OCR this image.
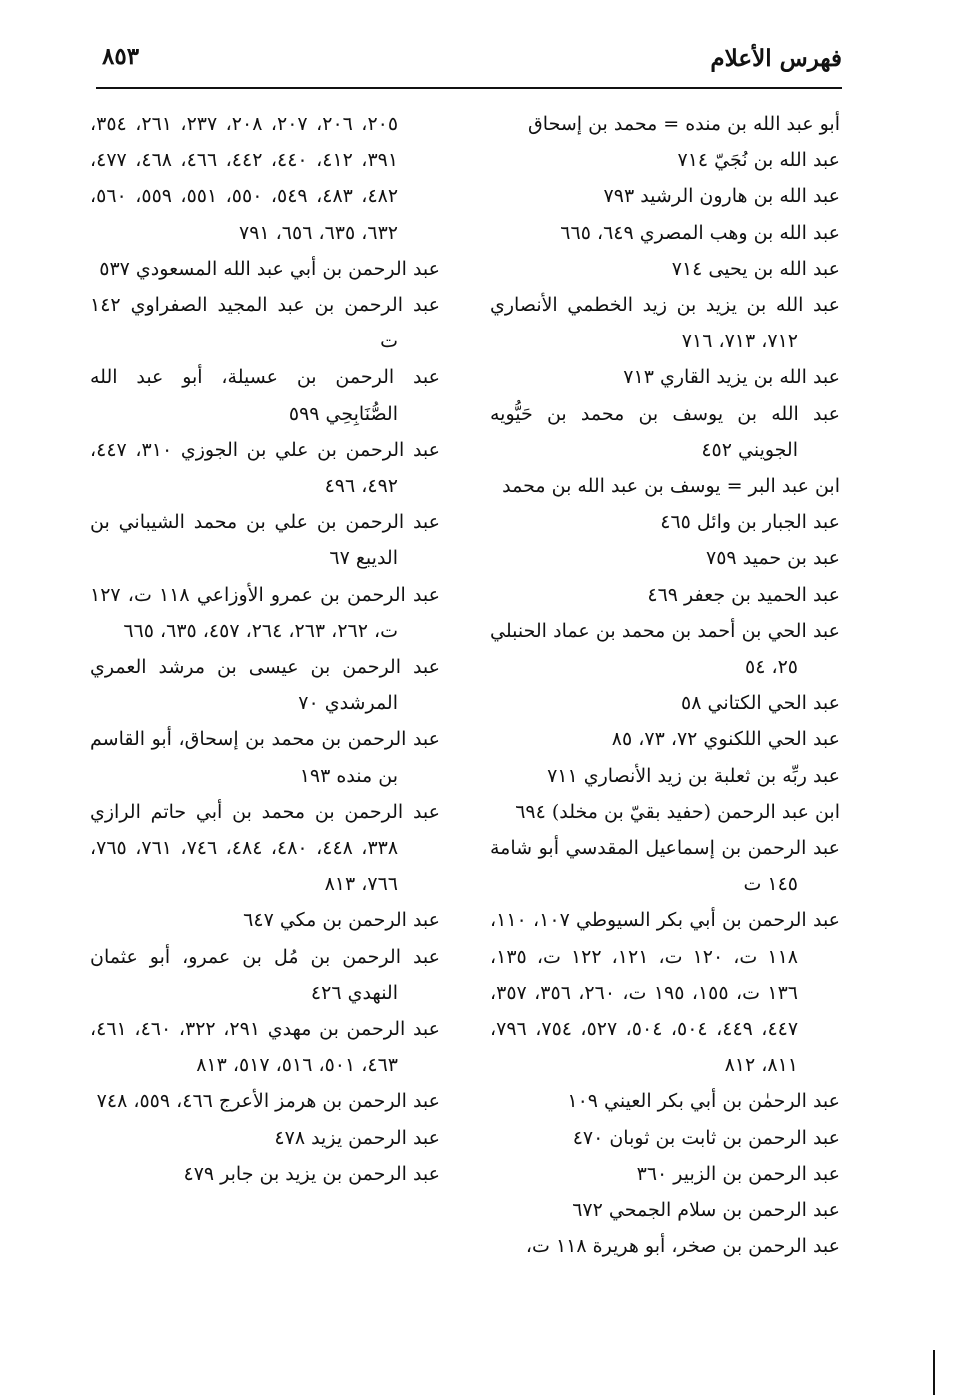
فهرس الأعلام
٨٥٣
أبو عبد الله بن منده = محمد بن إسحاق
عبد الله بن نُجَيّ ٧١٤
عبد الله بن هارون الرشيد ٧٩٣
عبد الله بن وهب المصري ٦٤٩، ٦٦٥
عبد الله بن يحيى ٧١٤
عبد الله بن يزيد بن زيد الخطمي الأنصاري ٧١٢، ٧١٣، ٧١٦
عبد الله بن يزيد القاري ٧١٣
عبد الله بن يوسف بن محمد بن حَيُّويه الجويني ٤٥٢
ابن عبد البر = يوسف بن عبد الله بن محمد
عبد الجبار بن وائل ٤٦٥
عبد بن حميد ٧٥٩
عبد الحميد بن جعفر ٤٦٩
عبد الحي بن أحمد بن محمد بن عماد الحنبلي ٢٥، ٥٤
عبد الحي الكتاني ٥٨
عبد الحي اللكنوي ٧٢، ٧٣، ٨٥
عبد ربِّه بن ثعلبة بن زيد الأنصاري ٧١١
ابن عبد الرحمن (حفيد بقيّ بن مخلد) ٦٩٤
عبد الرحمن بن إسماعيل المقدسي أبو شامة ١٤٥ ت
عبد الرحمن بن أبي بكر السيوطي ١٠٧، ١١٠، ١١٨ ت، ١٢٠ ت، ١٢١، ١٢٢ ت، ١٣٥، ١٣٦ ت، ١٥٥، ١٩٥ ت، ٢٦٠، ٣٥٦، ٣٥٧، ٤٤٧، ٤٤٩، ٥٠٤، ٥٠٤، ٥٢٧، ٧٥٤، ٧٩٦، ٨١١، ٨١٢
عبد الرحمٰن بن أبي بكر العيني ١٠٩
عبد الرحمن بن ثابت بن ثوبان ٤٧٠
عبد الرحمن بن الزبير ٣٦٠
عبد الرحمن بن سلام الجمحي ٦٧٢
عبد الرحمن بن صخر، أبو هريرة ١١٨ ت،
٢٠٥، ٢٠٦، ٢٠٧، ٢٠٨، ٢٣٧، ٢٦١، ٣٥٤، ٣٩١، ٤١٢، ٤٤٠، ٤٤٢، ٤٦٦، ٤٦٨، ٤٧٧، ٤٨٢، ٤٨٣، ٥٤٩، ٥٥٠، ٥٥١، ٥٥٩، ٥٦٠، ٦٣٢، ٦٣٥، ٦٥٦، ٧٩١
عبد الرحمن بن أبي عبد الله المسعودي ٥٣٧
عبد الرحمن بن عبد المجيد الصفراوي ١٤٢ ت
عبد الرحمن بن عسيلة، أبو عبد الله الصُّنَابِحِي ٥٩٩
عبد الرحمن بن علي بن الجوزي ٣١٠، ٤٤٧، ٤٩٢، ٤٩٦
عبد الرحمن بن علي بن محمد الشيباني بن الديبع ٦٧
عبد الرحمن بن عمرو الأوزاعي ١١٨ ت، ١٢٧ ت، ٢٦٢، ٢٦٣، ٢٦٤، ٤٥٧، ٦٣٥، ٦٦٥
عبد الرحمن بن عيسى بن مرشد العمري المرشدي ٧٠
عبد الرحمن بن محمد بن إسحاق، أبو القاسم بن منده ١٩٣
عبد الرحمن بن محمد بن أبي حاتم الرازي ٣٣٨، ٤٤٨، ٤٨٠، ٤٨٤، ٧٤٦، ٧٦١، ٧٦٥، ٧٦٦، ٨١٣
عبد الرحمن بن مكي ٦٤٧
عبد الرحمن بن مُل بن عمرو، أبو عثمان النهدي ٤٢٦
عبد الرحمن بن مهدي ٢٩١، ٣٢٢، ٤٦٠، ٤٦١، ٤٦٣، ٥٠١، ٥١٦، ٥١٧، ٨١٣
عبد الرحمن بن هرمز الأعرج ٤٦٦، ٥٥٩، ٧٤٨
عبد الرحمن يزيد ٤٧٨
عبد الرحمن بن يزيد بن جابر ٤٧٩
